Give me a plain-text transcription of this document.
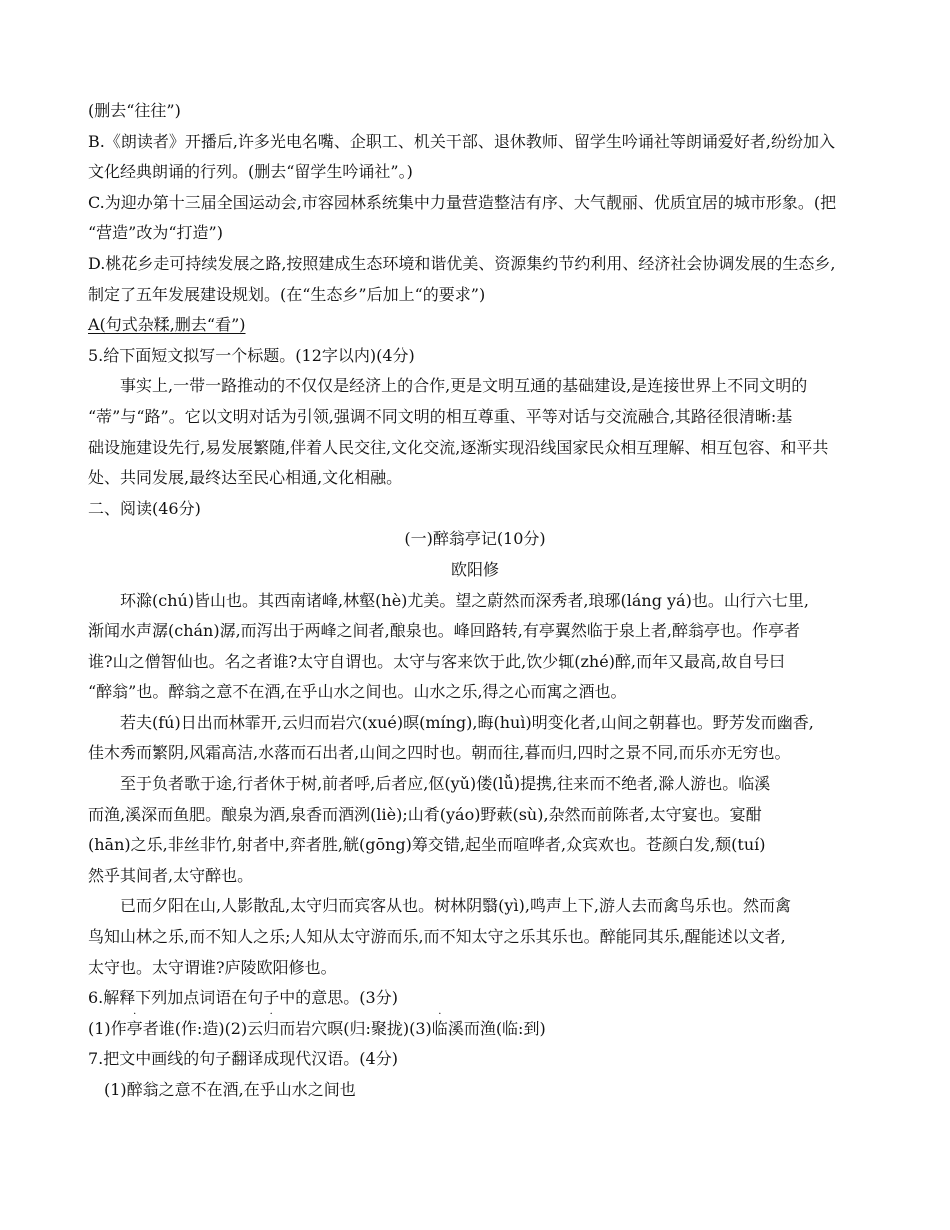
(删去“往往”)

B.《朗读者》开播后,许多光电名嘴、企职工、机关干部、退休教师、留学生吟诵社等朗诵爱好者,纷纷加入

文化经典朗诵的行列。(删去“留学生吟诵社”。)

C.为迎办第十三届全国运动会,市容园林系统集中力量营造整洁有序、大气靓丽、优质宜居的城市形象。(把

“营造”改为“打造”)

D.桃花乡走可持续发展之路,按照建成生态环境和谐优美、资源集约节约利用、经济社会协调发展的生态乡,

制定了五年发展建设规划。(在“生态乡”后加上“的要求”)

A(句式杂糅,删去“看”)

5.给下面短文拟写一个标题。(12字以内)(4分)

事实上,一带一路推动的不仅仅是经济上的合作,更是文明互通的基础建设,是连接世界上不同文明的

“蒂”与“路”。它以文明对话为引领,强调不同文明的相互尊重、平等对话与交流融合,其路径很清晰:基

础设施建设先行,易发展繁随,伴着人民交往,文化交流,逐渐实现沿线国家民众相互理解、相互包容、和平共

处、共同发展,最终达至民心相通,文化相融。

二、阅读(46分)

(一)醉翁亭记(10分)

欧阳修

环滁(chú)皆山也。其西南诸峰,林壑(hè)尤美。望之蔚然而深秀者,琅琊(láng yá)也。山行六七里,

渐闻水声潺(chán)潺,而泻出于两峰之间者,酿泉也。峰回路转,有亭翼然临于泉上者,醉翁亭也。作亭者

谁?山之僧智仙也。名之者谁?太守自谓也。太守与客来饮于此,饮少辄(zhé)醉,而年又最高,故自号曰

“醉翁”也。醉翁之意不在酒,在乎山水之间也。山水之乐,得之心而寓之酒也。

若夫(fú)日出而林霏开,云归而岩穴(xué)暝(míng),晦(huì)明变化者,山间之朝暮也。野芳发而幽香,

佳木秀而繁阴,风霜高洁,水落而石出者,山间之四时也。朝而往,暮而归,四时之景不同,而乐亦无穷也。

至于负者歌于途,行者休于树,前者呼,后者应,伛(yǔ)偻(lǚ)提携,往来而不绝者,滁人游也。临溪

而渔,溪深而鱼肥。酿泉为酒,泉香而酒洌(liè);山肴(yáo)野蔌(sù),杂然而前陈者,太守宴也。宴酣

(hān)之乐,非丝非竹,射者中,弈者胜,觥(gōng)筹交错,起坐而喧哗者,众宾欢也。苍颜白发,颓(tuí)

然乎其间者,太守醉也。

已而夕阳在山,人影散乱,太守归而宾客从也。树林阴翳(yì),鸣声上下,游人去而禽鸟乐也。然而禽

鸟知山林之乐,而不知人之乐;人知从太守游而乐,而不知太守之乐其乐也。醉能同其乐,醒能述以文者,

太守也。太守谓谁?庐陵欧阳修也。

6.解释下列加点词语在句子中的意思。(3分)

(1)作
·
亭者谁(作:造)(2)云
·
归而岩穴暝(归:聚拢)(3)
·
临溪而渔(临:到)

7.把文中画线的句子翻译成现代汉语。(4分)

(1)醉翁之意不在酒,在乎山水之间也
